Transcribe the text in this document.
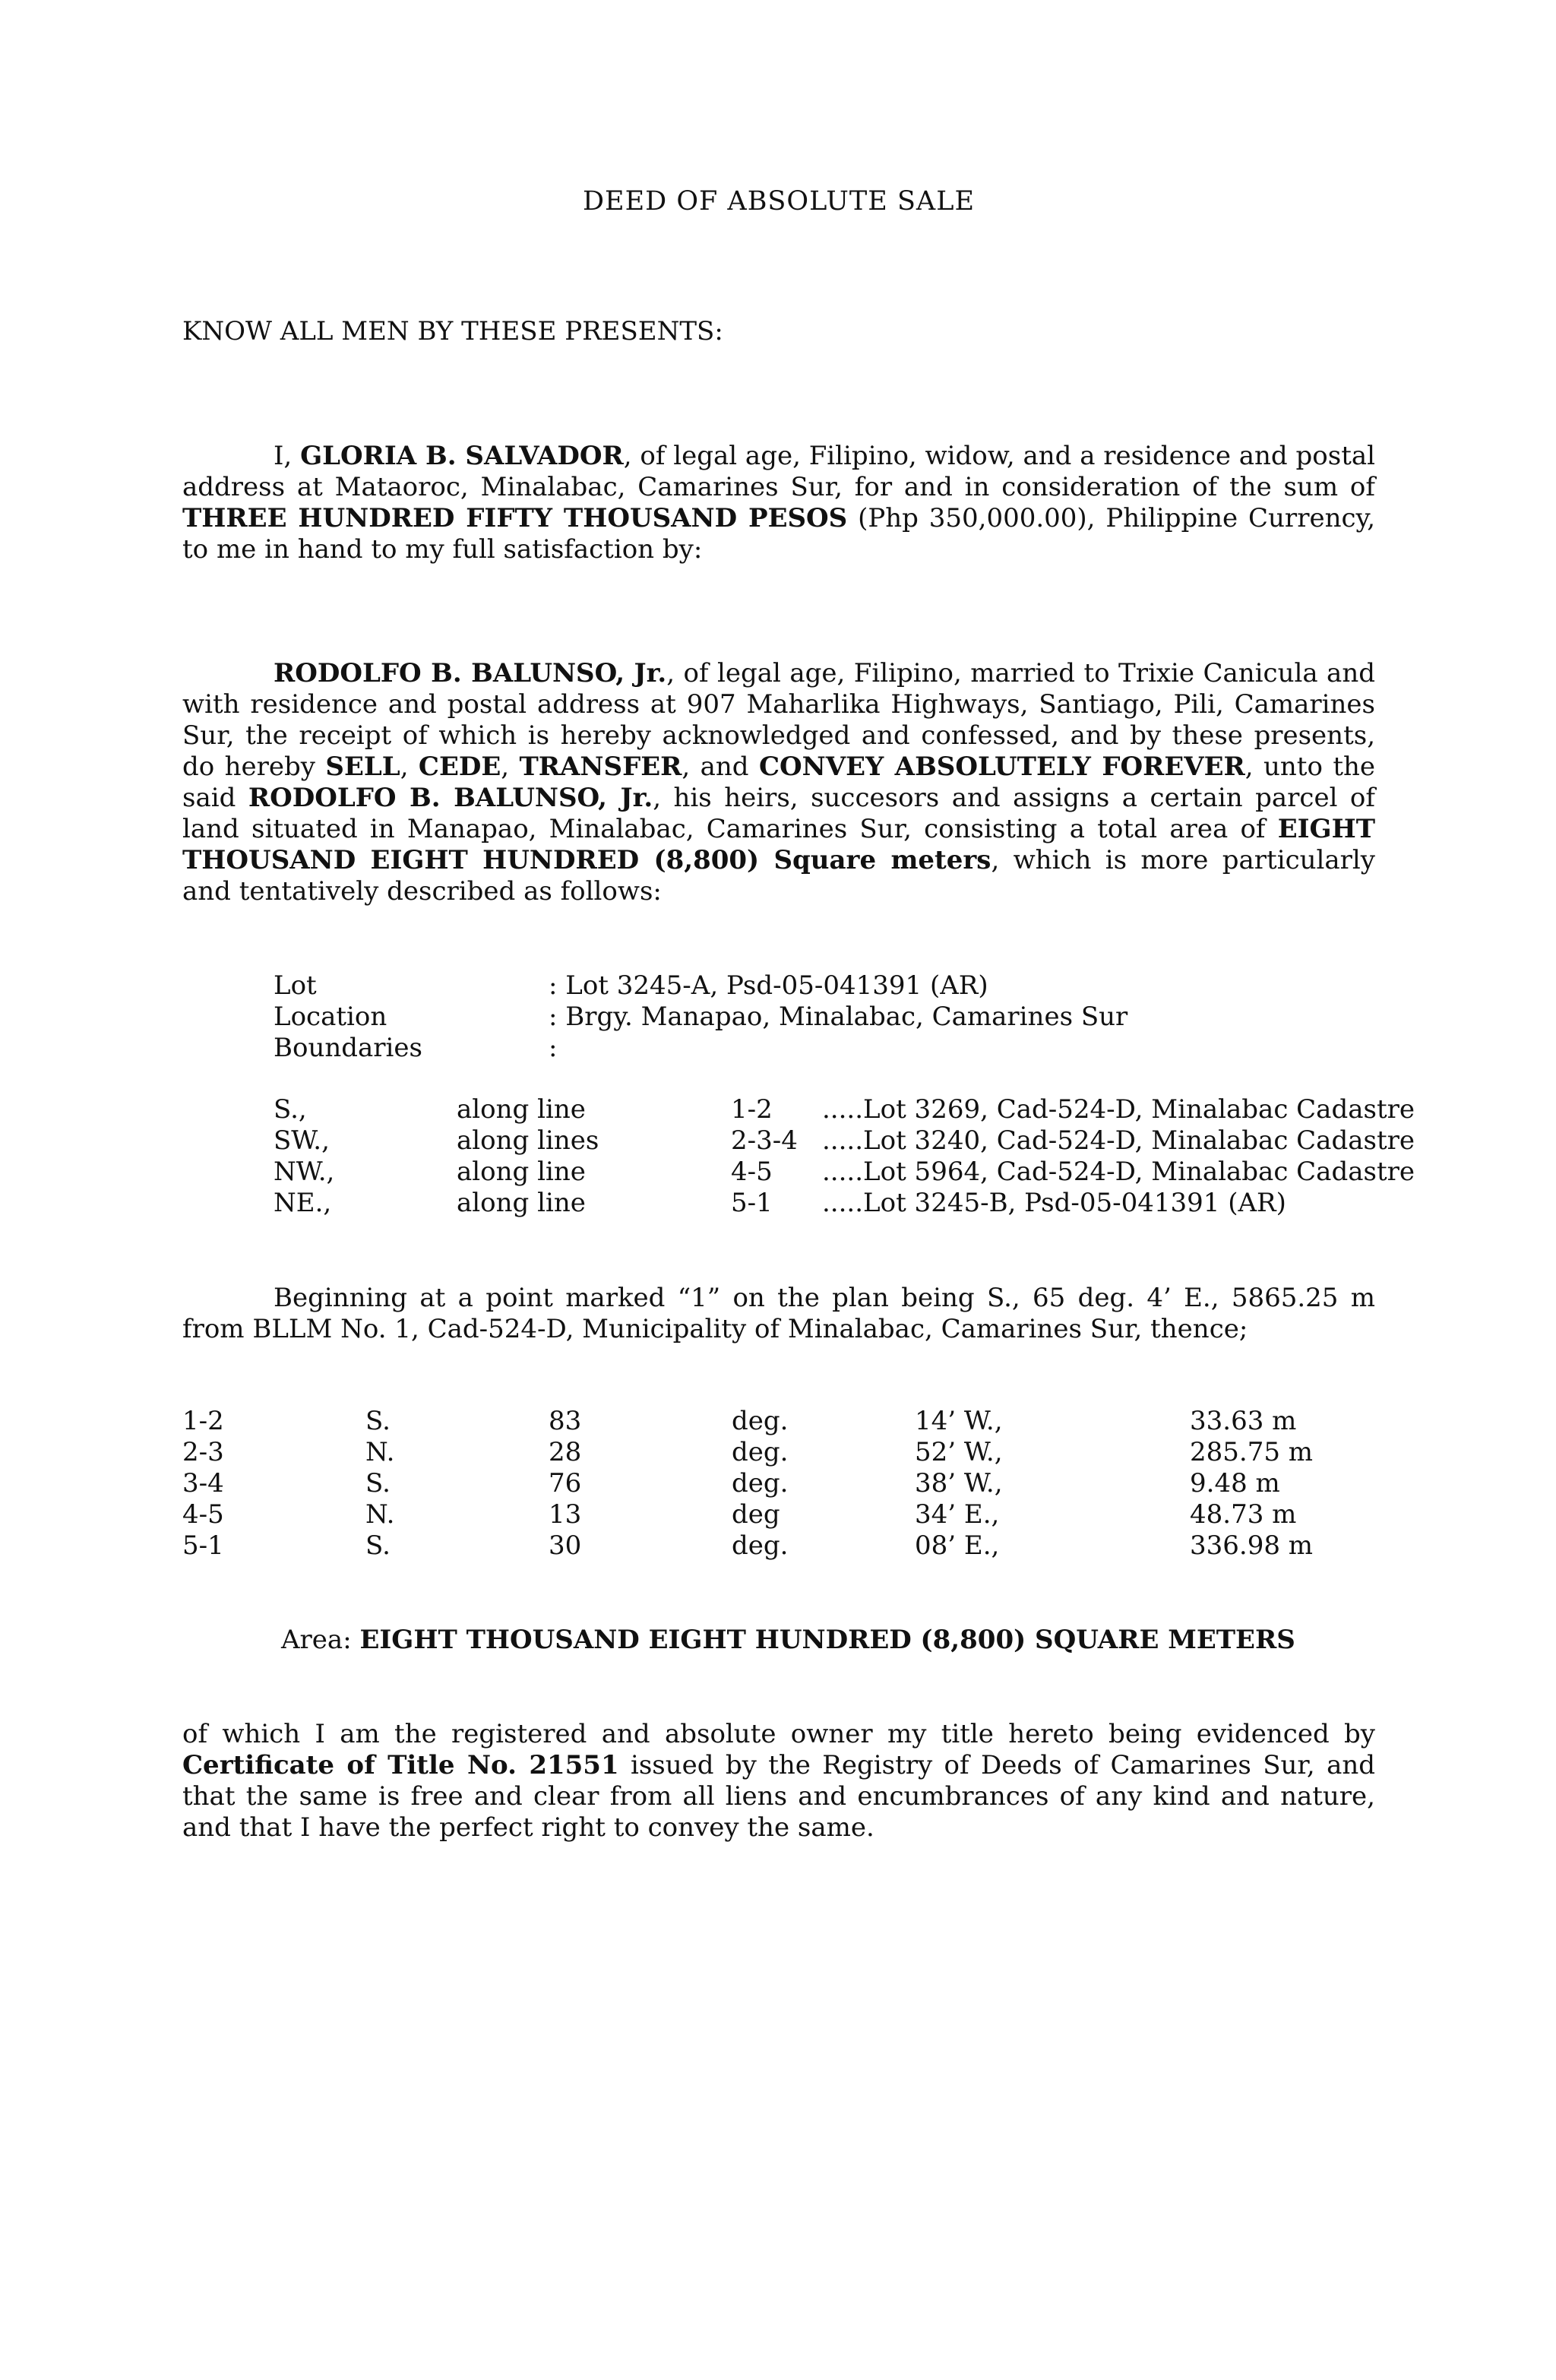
DEED OF ABSOLUTE SALE
KNOW ALL MEN BY THESE PRESENTS:

I, GLORIA B. SALVADOR, of legal age, Filipino, widow, and a residence and postal address at Mataoroc, Minalabac, Camarines Sur, for and in consideration of the sum of THREE HUNDRED FIFTY THOUSAND PESOS (Php 350,000.00), Philippine Currency, to me in hand to my full satisfaction by:

RODOLFO B. BALUNSO, Jr., of legal age, Filipino, married to Trixie Canicula and with residence and postal address at 907 Maharlika Highways, Santiago, Pili, Camarines Sur, the receipt of which is hereby acknowledged and confessed, and by these presents, do hereby SELL, CEDE, TRANSFER, and CONVEY ABSOLUTELY FOREVER, unto the said RODOLFO B. BALUNSO, Jr., his heirs, succesors and assigns a certain parcel of land situated in Manapao, Minalabac, Camarines Sur, consisting a total area of EIGHT THOUSAND EIGHT HUNDRED (8,800) Square meters, which is more particularly and tentatively described as follows:

Lot	: Lot 3245-A, Psd-05-041391 (AR)
Location	: Brgy. Manapao, Minalabac, Camarines Sur
Boundaries	:
S.,	along line	1-2 .....Lot 3269, Cad-524-D, Minalabac Cadastre
SW.,	along lines	2-3-4 .....Lot 3240, Cad-524-D, Minalabac Cadastre
NW.,	along line	4-5 .....Lot 5964, Cad-524-D, Minalabac Cadastre
NE.,	along line	5-1 .....Lot 3245-B, Psd-05-041391 (AR)

Beginning at a point marked “1” on the plan being S., 65 deg. 4’ E., 5865.25 m from BLLM No. 1, Cad-524-D, Municipality of Minalabac, Camarines Sur, thence;

1-2	S.	83	deg.	14’ W.,	33.63 m
2-3	N.	28	deg.	52’ W.,	285.75 m
3-4	S.	76	deg.	38’ W.,	9.48 m
4-5	N.	13	deg	34’ E.,	48.73 m
5-1	S.	30	deg.	08’ E.,	336.98 m
Area: EIGHT THOUSAND EIGHT HUNDRED (8,800) SQUARE METERS

of which I am the registered and absolute owner my title hereto being evidenced by Certificate of Title No. 21551 issued by the Registry of Deeds of Camarines Sur, and that the same is free and clear from all liens and encumbrances of any kind and nature, and that I have the perfect right to convey the same.
